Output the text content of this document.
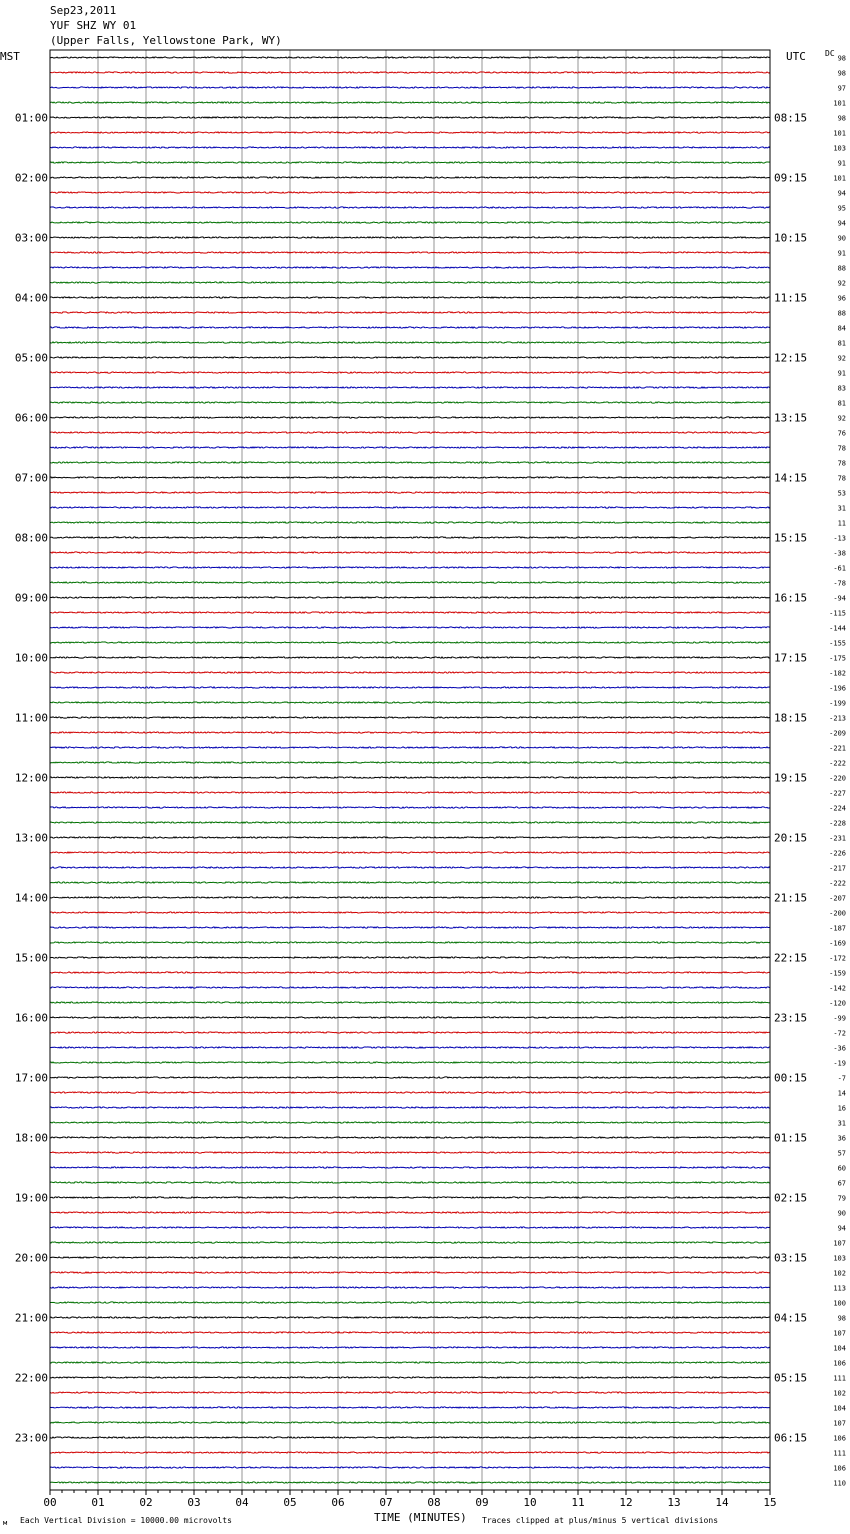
Sep23,2011
YUF SHZ WY 01
(Upper Falls, Yellowstone Park, WY)
98
98
97
101
98
101
103
91
101
94
95
94
90
91
88
92
96
88
84
81
92
91
83
81
92
76
78
78
78
53
31
11
-13
-38
-61
-78
-94
-115
-144
-155
-175
-182
-196
-199
-213
-209
-221
-222
-220
-227
-224
-228
-231
-226
-217
-222
-207
-200
-187
-169
-172
-159
-142
-120
-99
-72
-36
-19
-7
14
16
31
36
57
60
67
79
90
94
107
103
102
113
100
98
107
104
106
111
102
104
107
106
111
106
110
01:00	08:15
02:00	09:15
03:00	10:15
04:00	11:15
05:00	12:15
06:00	13:15
07:00	14:15
08:00	15:15
09:00	16:15
10:00	17:15
11:00	18:15
12:00	19:15
13:00	20:15
14:00	21:15
15:00	22:15
16:00	23:15
17:00	00:15
18:00	01:15
19:00	02:15
20:00	03:15
21:00	04:15
22:00	05:15
23:00	06:15
00	01	02	03	04	05	06	07	08	09	10	11	12	13	14	15
MST	UTC DC
TIME (MINUTES)
Each Vertical Division = 10000.00 microvolts	Traces clipped at plus/minus 5 vertical divisions
м
